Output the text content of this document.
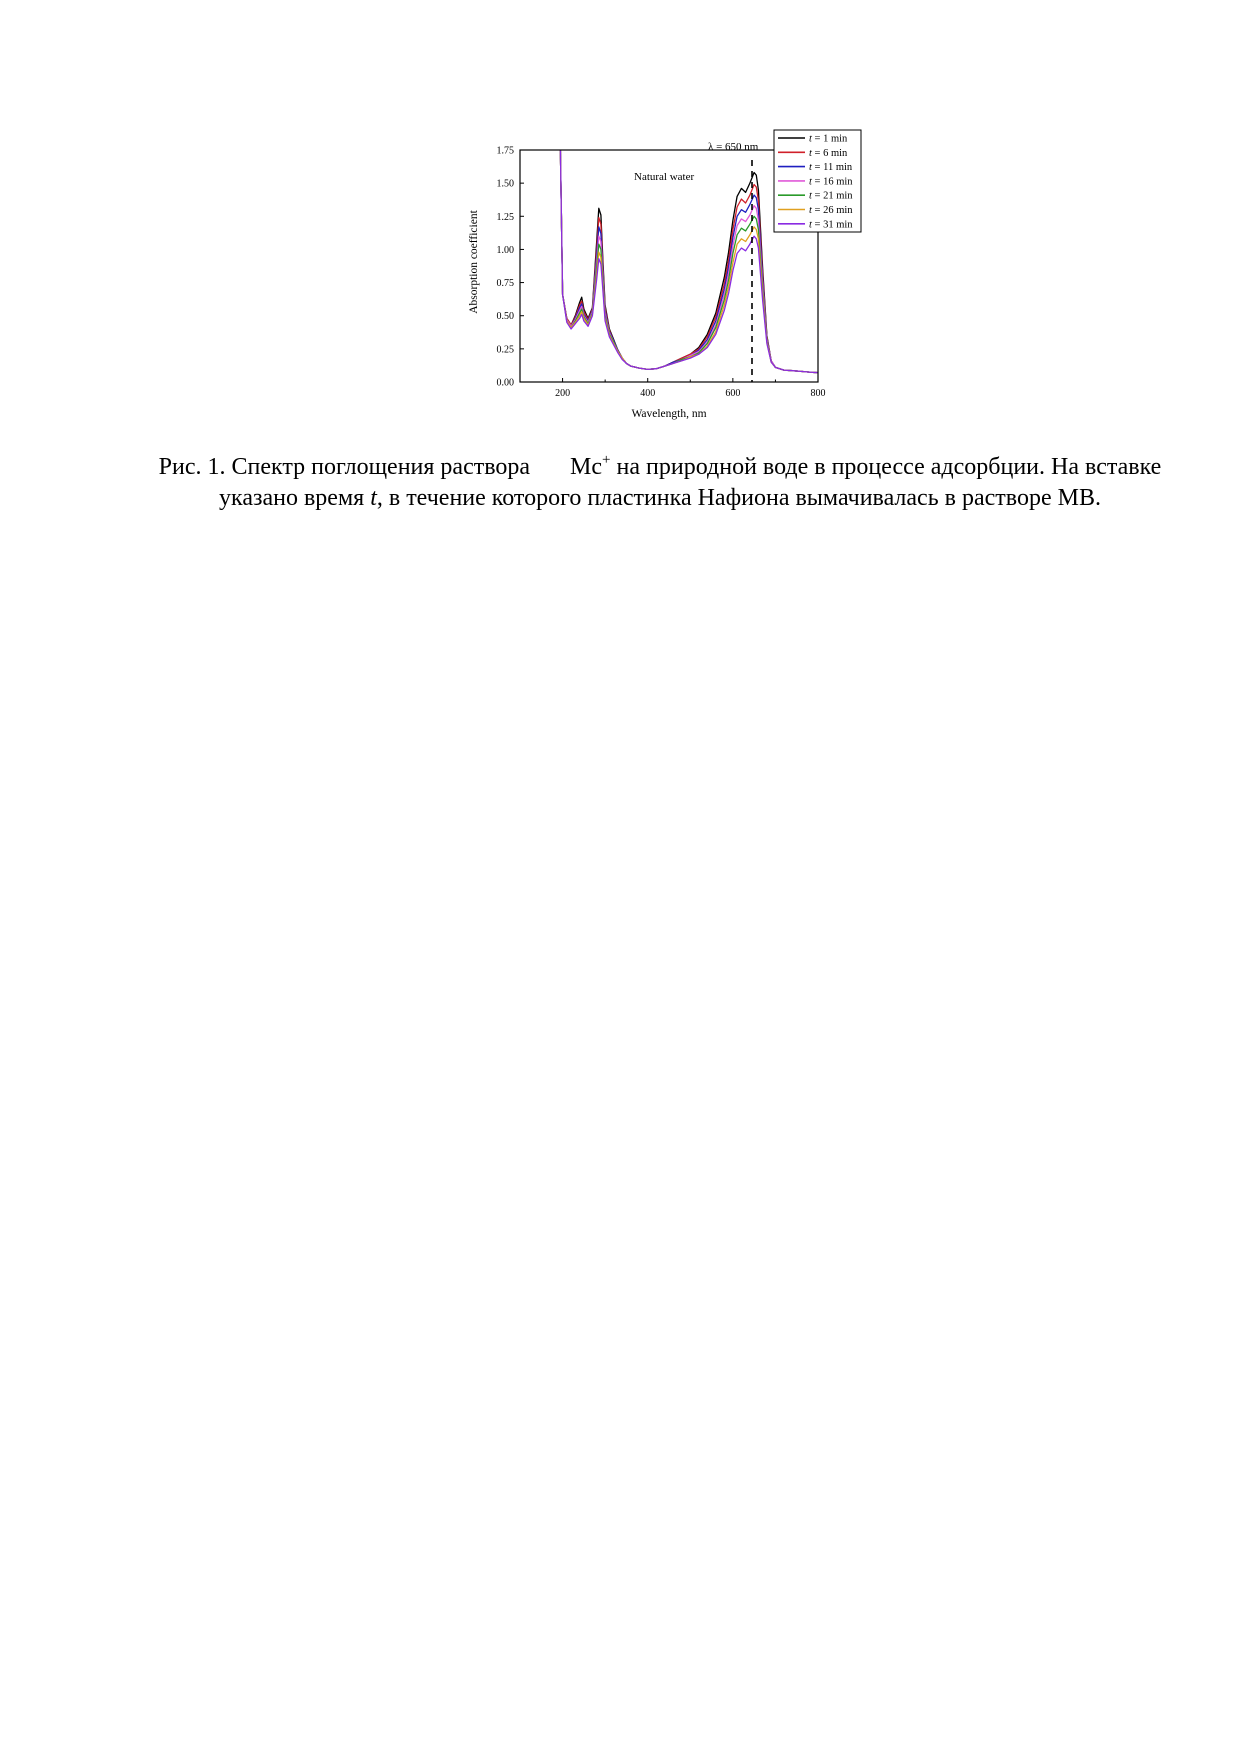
0.00
0.25
0.50
0.75
1.00
1.25
1.50
1.75
200	400	600	800
Natural water
λ = 650 nm
Wavelength, nm
Absorption coefficient
t = 1 min
t = 6 min
t = 11 min
t = 16 min
t = 21 min
t = 26 min
t = 31 min
Рис. 1. Спектр поглощения раствора Mc+ на природной воде в процессе адсорбции. На вставке указано время t, в течение которого пластинка Нафиона вымачивалась в растворе MB.
